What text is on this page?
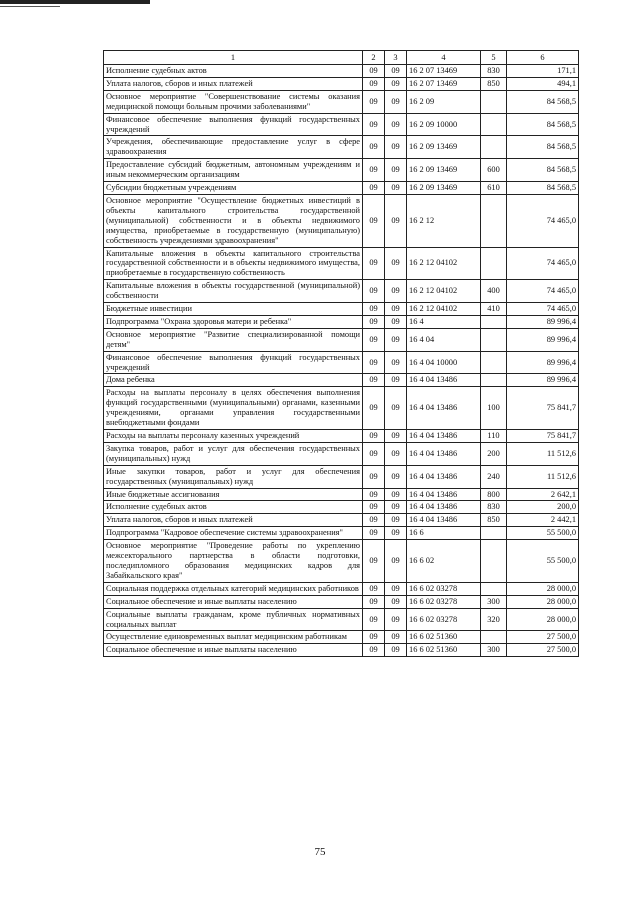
1	2	3	4	5	6
Исполнение судебных актов	09	09	16 2 07 13469	830	171,1
Уплата налогов, сборов и иных платежей	09	09	16 2 07 13469	850	494,1
Основное мероприятие "Совершенствование системы оказания медицинской помощи больным прочими заболеваниями"	09	09	16 2 09		84 568,5
Финансовое обеспечение выполнения функций государственных учреждений	09	09	16 2 09 10000		84 568,5
Учреждения, обеспечивающие предоставление услуг в сфере здравоохранения	09	09	16 2 09 13469		84 568,5
Предоставление субсидий бюджетным, автономным учреждениям и иным некоммерческим организациям	09	09	16 2 09 13469	600	84 568,5
Субсидии бюджетным учреждениям	09	09	16 2 09 13469	610	84 568,5
Основное мероприятие "Осуществление бюджетных инвестиций в объекты капитального строительства государственной (муниципальной) собственности и в объекты недвижимого имущества, приобретаемые в государственную (муниципальную) собственность учреждениями здравоохранения"	09	09	16 2 12		74 465,0
Капитальные вложения в объекты капитального строительства государственной собственности и в объекты недвижимого имущества, приобретаемые в государственную собственность	09	09	16 2 12 04102		74 465,0
Капитальные вложения в объекты государственной (муниципальной) собственности	09	09	16 2 12 04102	400	74 465,0
Бюджетные инвестиции	09	09	16 2 12 04102	410	74 465,0
Подпрограмма "Охрана здоровья матери и ребенка"	09	09	16 4		89 996,4
Основное мероприятие "Развитие специализированной помощи детям"	09	09	16 4 04		89 996,4
Финансовое обеспечение выполнения функций государственных учреждений	09	09	16 4 04 10000		89 996,4
Дома ребенка	09	09	16 4 04 13486		89 996,4
Расходы на выплаты персоналу в целях обеспечения выполнения функций государственными (муниципальными) органами, казенными учреждениями, органами управления государственными внебюджетными фондами	09	09	16 4 04 13486	100	75 841,7
Расходы на выплаты персоналу казенных учреждений	09	09	16 4 04 13486	110	75 841,7
Закупка товаров, работ и услуг для обеспечения государственных (муниципальных) нужд	09	09	16 4 04 13486	200	11 512,6
Иные закупки товаров, работ и услуг для обеспечения государственных (муниципальных) нужд	09	09	16 4 04 13486	240	11 512,6
Иные бюджетные ассигнования	09	09	16 4 04 13486	800	2 642,1
Исполнение судебных актов	09	09	16 4 04 13486	830	200,0
Уплата налогов, сборов и иных платежей	09	09	16 4 04 13486	850	2 442,1
Подпрограмма "Кадровое обеспечение системы здравоохранения"	09	09	16 6		55 500,0
Основное мероприятие "Проведение работы по укреплению межсекторального партнерства в области подготовки, последипломного образования медицинских кадров для Забайкальского края"	09	09	16 6 02		55 500,0
Социальная поддержка отдельных категорий медицинских работников	09	09	16 6 02 03278		28 000,0
Социальное обеспечение и иные выплаты населению	09	09	16 6 02 03278	300	28 000,0
Социальные выплаты гражданам, кроме публичных нормативных социальных выплат	09	09	16 6 02 03278	320	28 000,0
Осуществление единовременных выплат медицинским работникам	09	09	16 6 02 51360		27 500,0
Социальное обеспечение и иные выплаты населению	09	09	16 6 02 51360	300	27 500,0
75
